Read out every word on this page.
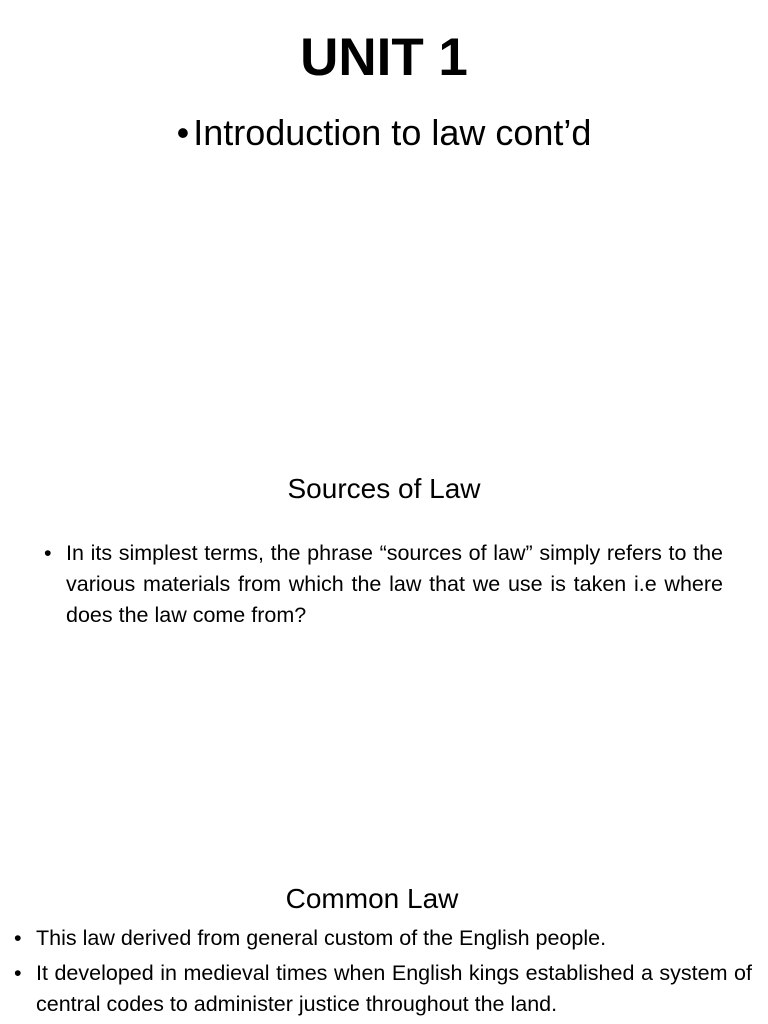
UNIT 1
• Introduction to law cont’d
Sources of Law
• In its simplest terms, the phrase “sources of law” simply refers to the various materials from which the law that we use is taken i.e where does the law come from?
Common Law
• This law derived from general custom of the English people.
• It developed in medieval times when English kings established a system of central codes to administer justice throughout the land.
